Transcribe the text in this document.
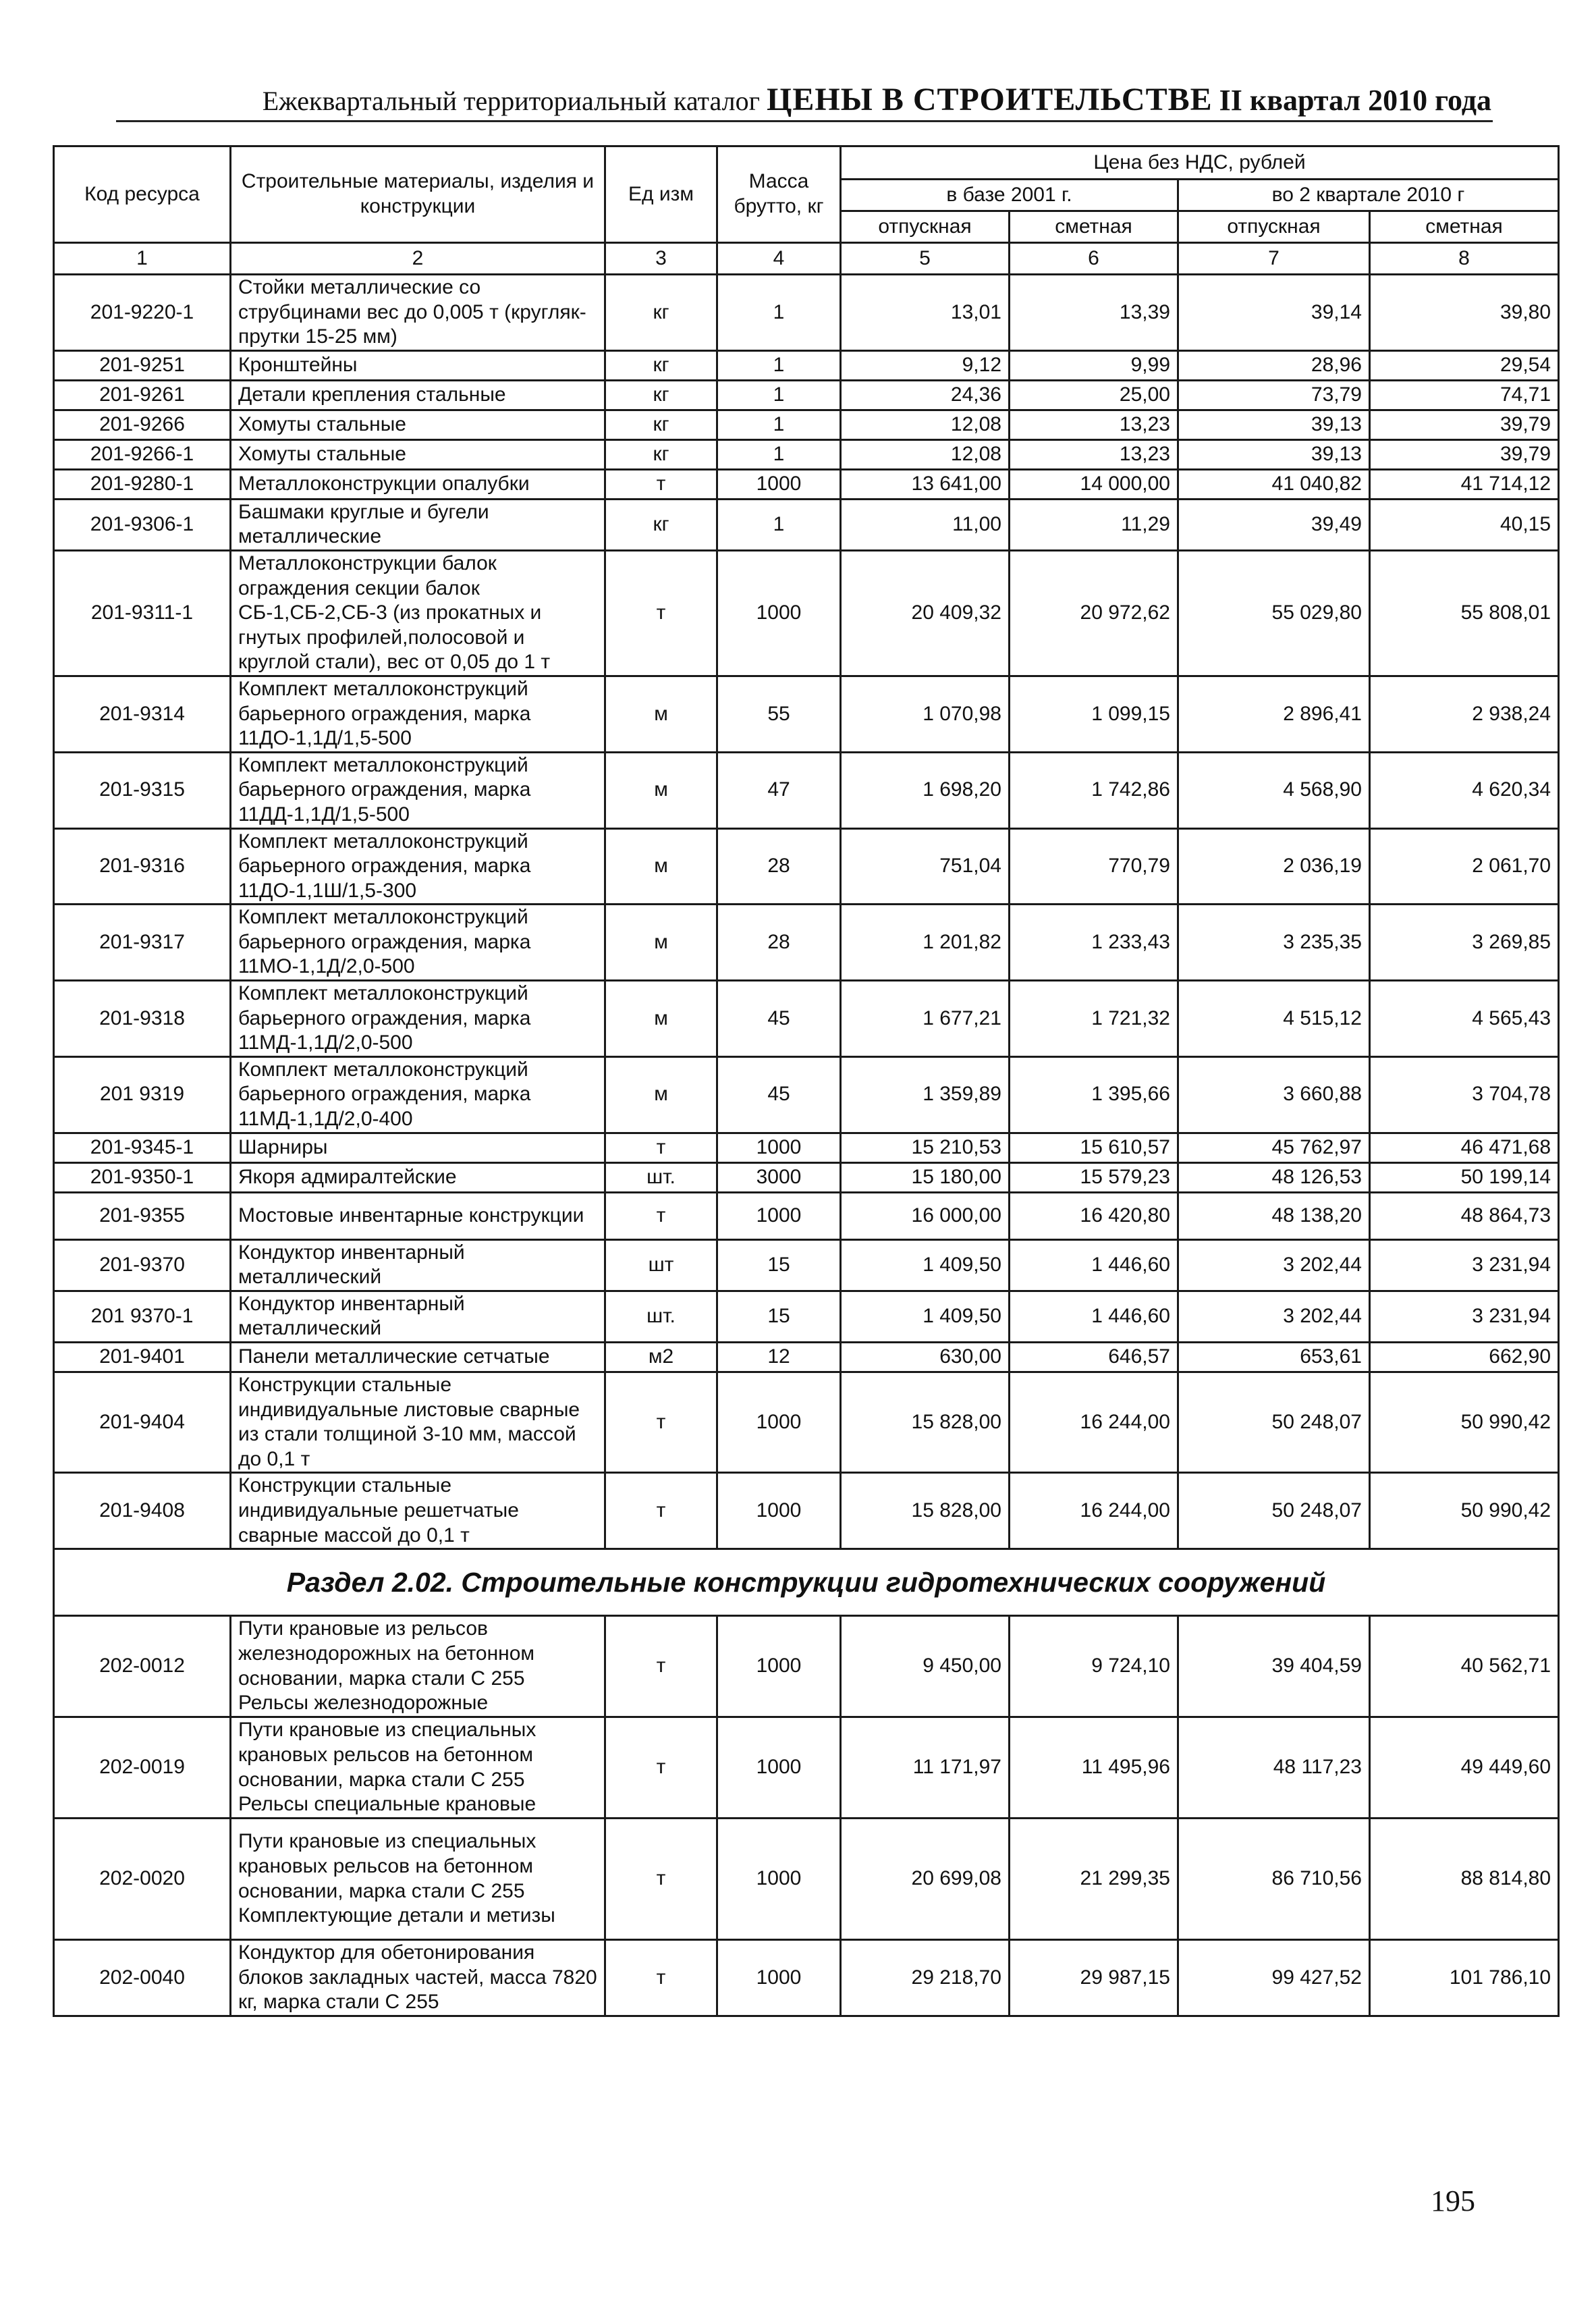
Ежеквартальный территориальный каталог ЦЕНЫ В СТРОИТЕЛЬСТВЕ II квартал 2010 года
Код ресурса	Строительные материалы, изделия и конструкции	Ед изм	Масса брутто, кг	Цена без НДС, рублей			
				в базе 2001 г.		во 2 квартале 2010 г	
				отпускная	сметная	отпускная	сметная
1	2	3	4	5	6	7	8
201-9220-1	Стойки металлические со струбцинами вес до 0,005 т (кругляк-прутки 15-25 мм)	кг	1	13,01	13,39	39,14	39,80
201-9251	Кронштейны	кг	1	9,12	9,99	28,96	29,54
201-9261	Детали крепления стальные	кг	1	24,36	25,00	73,79	74,71
201-9266	Хомуты стальные	кг	1	12,08	13,23	39,13	39,79
201-9266-1	Хомуты стальные	кг	1	12,08	13,23	39,13	39,79
201-9280-1	Металлоконструкции опалубки	т	1000	13 641,00	14 000,00	41 040,82	41 714,12
201-9306-1	Башмаки круглые и бугели металлические	кг	1	11,00	11,29	39,49	40,15
201-9311-1	Металлоконструкции балок ограждения секции балок СБ-1,СБ-2,СБ-3 (из прокатных и гнутых профилей,полосовой и круглой стали), вес от 0,05 до 1 т	т	1000	20 409,32	20 972,62	55 029,80	55 808,01
201-9314	Комплект металлоконструкций барьерного ограждения, марка 11ДО-1,1Д/1,5-500	м	55	1 070,98	1 099,15	2 896,41	2 938,24
201-9315	Комплект металлоконструкций барьерного ограждения, марка 11ДД-1,1Д/1,5-500	м	47	1 698,20	1 742,86	4 568,90	4 620,34
201-9316	Комплект металлоконструкций барьерного ограждения, марка 11ДО-1,1Ш/1,5-300	м	28	751,04	770,79	2 036,19	2 061,70
201-9317	Комплект металлоконструкций барьерного ограждения, марка 11МО-1,1Д/2,0-500	м	28	1 201,82	1 233,43	3 235,35	3 269,85
201-9318	Комплект металлоконструкций барьерного ограждения, марка 11МД-1,1Д/2,0-500	м	45	1 677,21	1 721,32	4 515,12	4 565,43
201 9319	Комплект металлоконструкций барьерного ограждения, марка 11МД-1,1Д/2,0-400	м	45	1 359,89	1 395,66	3 660,88	3 704,78
201-9345-1	Шарниры	т	1000	15 210,53	15 610,57	45 762,97	46 471,68
201-9350-1	Якоря адмиралтейские	шт.	3000	15 180,00	15 579,23	48 126,53	50 199,14
201-9355	Мостовые инвентарные конструкции	т	1000	16 000,00	16 420,80	48 138,20	48 864,73
201-9370	Кондуктор инвентарный металлический	шт	15	1 409,50	1 446,60	3 202,44	3 231,94
201 9370-1	Кондуктор инвентарный металлический	шт.	15	1 409,50	1 446,60	3 202,44	3 231,94
201-9401	Панели металлические сетчатые	м2	12	630,00	646,57	653,61	662,90
201-9404	Конструкции стальные индивидуальные листовые сварные из стали толщиной 3-10 мм, массой до 0,1 т	т	1000	15 828,00	16 244,00	50 248,07	50 990,42
201-9408	Конструкции стальные индивидуальные решетчатые сварные массой до 0,1 т	т	1000	15 828,00	16 244,00	50 248,07	50 990,42
Раздел 2.02. Строительные конструкции гидротехнических сооружений							
202-0012	Пути крановые из рельсов железнодорожных на бетонном основании, марка стали С 255 Рельсы железнодорожные	т	1000	9 450,00	9 724,10	39 404,59	40 562,71
202-0019	Пути крановые из специальных крановых рельсов на бетонном основании, марка стали С 255 Рельсы специальные крановые	т	1000	11 171,97	11 495,96	48 117,23	49 449,60
202-0020	Пути крановые из специальных крановых рельсов на бетонном основании, марка стали С 255 Комплектующие детали и метизы	т	1000	20 699,08	21 299,35	86 710,56	88 814,80
202-0040	Кондуктор для обетонирования блоков закладных частей, масса 7820 кг, марка стали С 255	т	1000	29 218,70	29 987,15	99 427,52	101 786,10
195
